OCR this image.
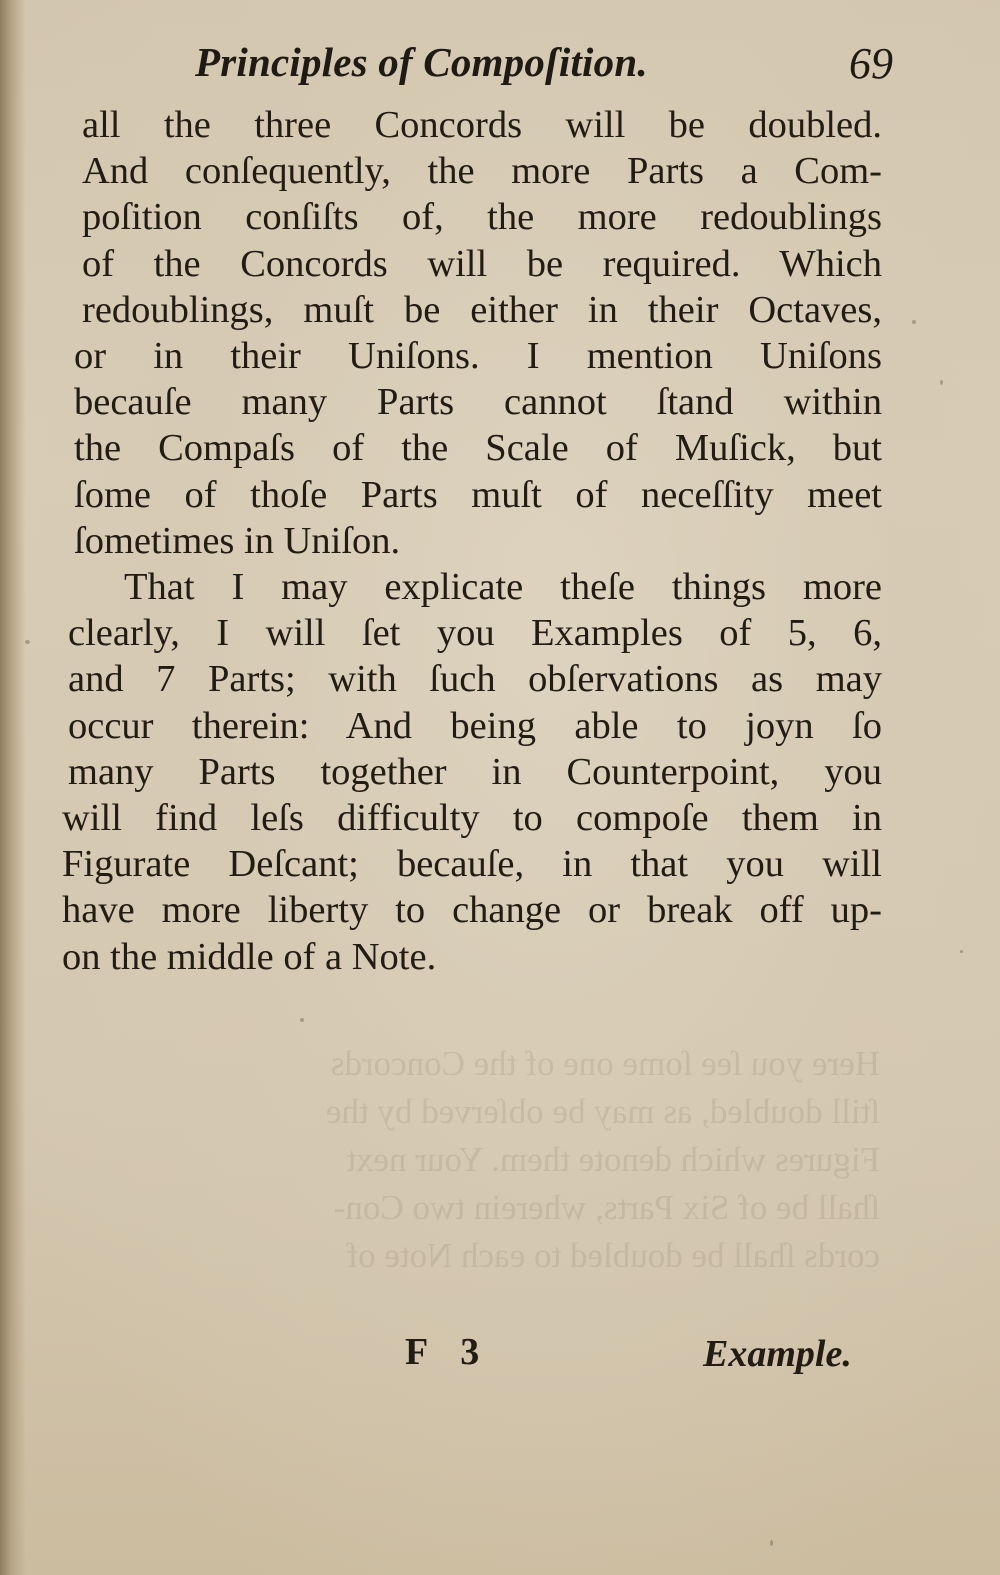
Here you ſee ſome one of the Concords
ſtill doubled, as may be obſerved by the
Figures which denote them. Your next
ſhall be of Six Parts, wherein two Con-
cords ſhall be doubled to each Note of
Principles of Compoſition.	69
all the three Concords will be doubled.
And conſequently, the more Parts a Com-
poſition conſiſts of, the more redoublings
of the Concords will be required. Which
redoublings, muſt be either in their Octaves,
or in their Uniſons. I mention Uniſons
becauſe many Parts cannot ſtand within
the Compaſs of the Scale of Muſick, but
ſome of thoſe Parts muſt of neceſſity meet
ſometimes in Uniſon.
That I may explicate theſe things more
clearly, I will ſet you Examples of 5, 6,
and 7 Parts; with ſuch obſervations as may
occur therein: And being able to joyn ſo
many Parts together in Counterpoint, you
will find leſs difficulty to compoſe them in
Figurate Deſcant; becauſe, in that you will
have more liberty to change or break off up-
on the middle of a Note.
F 3	Example.
